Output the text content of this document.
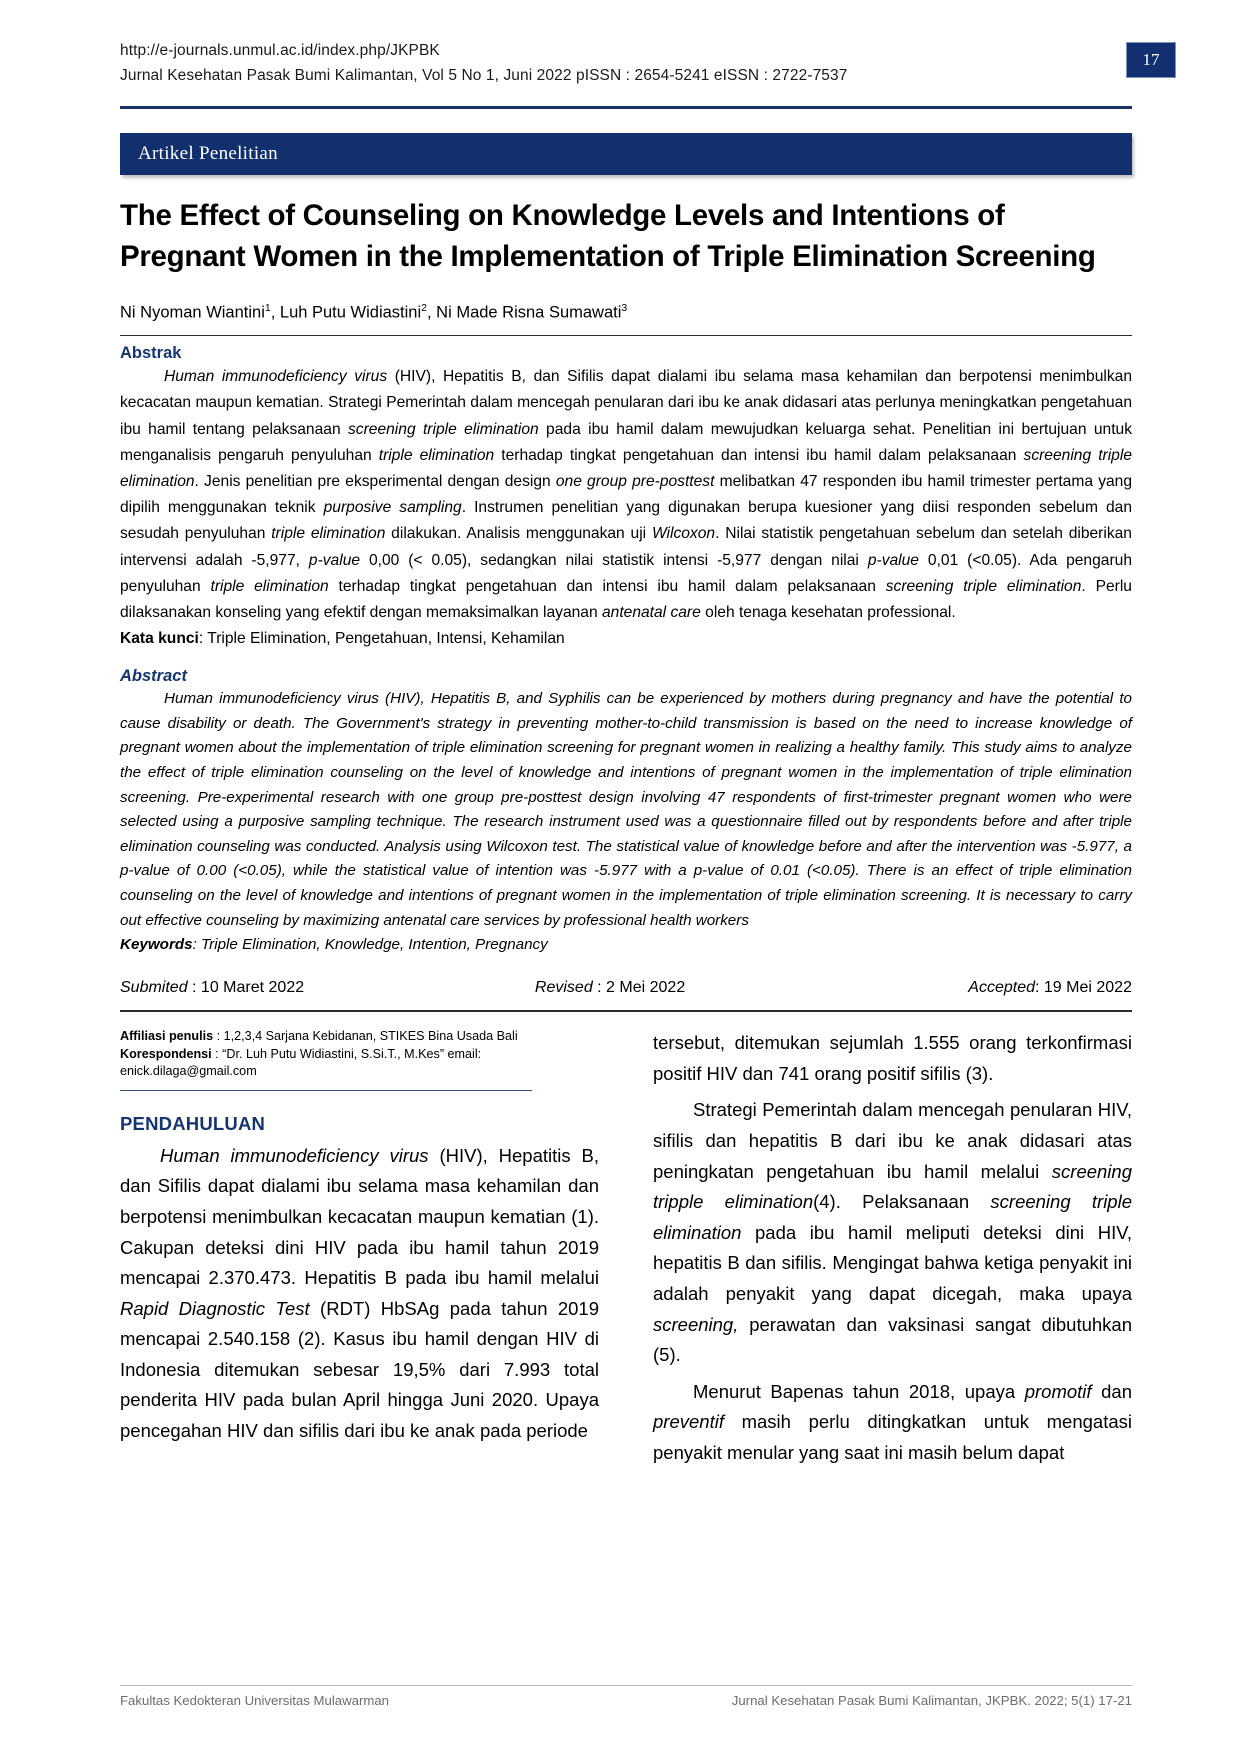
http://e-journals.unmul.ac.id/index.php/JKPBK
Jurnal Kesehatan Pasak Bumi Kalimantan, Vol 5 No 1, Juni 2022 pISSN : 2654-5241 eISSN : 2722-7537
17
Artikel Penelitian
The Effect of Counseling on Knowledge Levels and Intentions of Pregnant Women in the Implementation of Triple Elimination Screening
Ni Nyoman Wiantini$^1$, Luh Putu Widiastini$^2$, Ni Made Risna Sumawati$^3$
Abstrak
Human immunodeficiency virus (HIV), Hepatitis B, dan Sifilis dapat dialami ibu selama masa kehamilan dan berpotensi menimbulkan kecacatan maupun kematian. Strategi Pemerintah dalam mencegah penularan dari ibu ke anak didasari atas perlunya meningkatkan pengetahuan ibu hamil tentang pelaksanaan screening triple elimination pada ibu hamil dalam mewujudkan keluarga sehat. Penelitian ini bertujuan untuk menganalisis pengaruh penyuluhan triple elimination terhadap tingkat pengetahuan dan intensi ibu hamil dalam pelaksanaan screening triple elimination. Jenis penelitian pre eksperimental dengan design one group pre-posttest melibatkan 47 responden ibu hamil trimester pertama yang dipilih menggunakan teknik purposive sampling. Instrumen penelitian yang digunakan berupa kuesioner yang diisi responden sebelum dan sesudah penyuluhan triple elimination dilakukan. Analisis menggunakan uji Wilcoxon. Nilai statistik pengetahuan sebelum dan setelah diberikan intervensi adalah -5,977, p-value 0,00 (< 0.05), sedangkan nilai statistik intensi -5,977 dengan nilai p-value 0,01 (<0.05). Ada pengaruh penyuluhan triple elimination terhadap tingkat pengetahuan dan intensi ibu hamil dalam pelaksanaan screening triple elimination. Perlu dilaksanakan konseling yang efektif dengan memaksimalkan layanan antenatal care oleh tenaga kesehatan professional.
Kata kunci: Triple Elimination, Pengetahuan, Intensi, Kehamilan
Abstract
Human immunodeficiency virus (HIV), Hepatitis B, and Syphilis can be experienced by mothers during pregnancy and have the potential to cause disability or death. The Government's strategy in preventing mother-to-child transmission is based on the need to increase knowledge of pregnant women about the implementation of triple elimination screening for pregnant women in realizing a healthy family. This study aims to analyze the effect of triple elimination counseling on the level of knowledge and intentions of pregnant women in the implementation of triple elimination screening. Pre-experimental research with one group pre-posttest design involving 47 respondents of first-trimester pregnant women who were selected using a purposive sampling technique. The research instrument used was a questionnaire filled out by respondents before and after triple elimination counseling was conducted. Analysis using Wilcoxon test. The statistical value of knowledge before and after the intervention was -5.977, a p-value of 0.00 (<0.05), while the statistical value of intention was -5.977 with a p-value of 0.01 (<0.05). There is an effect of triple elimination counseling on the level of knowledge and intentions of pregnant women in the implementation of triple elimination screening. It is necessary to carry out effective counseling by maximizing antenatal care services by professional health workers
Keywords: Triple Elimination, Knowledge, Intention, Pregnancy
Submited : 10 Maret 2022	Revised : 2 Mei 2022	Accepted: 19 Mei 2022
Affiliasi penulis : 1,2,3,4 Sarjana Kebidanan, STIKES Bina Usada Bali
Korespondensi : “Dr. Luh Putu Widiastini, S.Si.T., M.Kes” email:
enick.dilaga@gmail.com
PENDAHULUAN
Human immunodeficiency virus (HIV), Hepatitis B, dan Sifilis dapat dialami ibu selama masa kehamilan dan berpotensi menimbulkan kecacatan maupun kematian (1). Cakupan deteksi dini HIV pada ibu hamil tahun 2019 mencapai 2.370.473. Hepatitis B pada ibu hamil melalui Rapid Diagnostic Test (RDT) HbSAg pada tahun 2019 mencapai 2.540.158 (2). Kasus ibu hamil dengan HIV di Indonesia ditemukan sebesar 19,5% dari 7.993 total penderita HIV pada bulan April hingga Juni 2020. Upaya pencegahan HIV dan sifilis dari ibu ke anak pada periode
tersebut, ditemukan sejumlah 1.555 orang terkonfirmasi positif HIV dan 741 orang positif sifilis (3).
Strategi Pemerintah dalam mencegah penularan HIV, sifilis dan hepatitis B dari ibu ke anak didasari atas peningkatan pengetahuan ibu hamil melalui screening tripple elimination(4). Pelaksanaan screening triple elimination pada ibu hamil meliputi deteksi dini HIV, hepatitis B dan sifilis. Mengingat bahwa ketiga penyakit ini adalah penyakit yang dapat dicegah, maka upaya screening, perawatan dan vaksinasi sangat dibutuhkan (5).
Menurut Bapenas tahun 2018, upaya promotif dan preventif masih perlu ditingkatkan untuk mengatasi penyakit menular yang saat ini masih belum dapat
Fakultas Kedokteran Universitas Mulawarman	Jurnal Kesehatan Pasak Bumi Kalimantan, JKPBK. 2022; 5(1) 17-21
